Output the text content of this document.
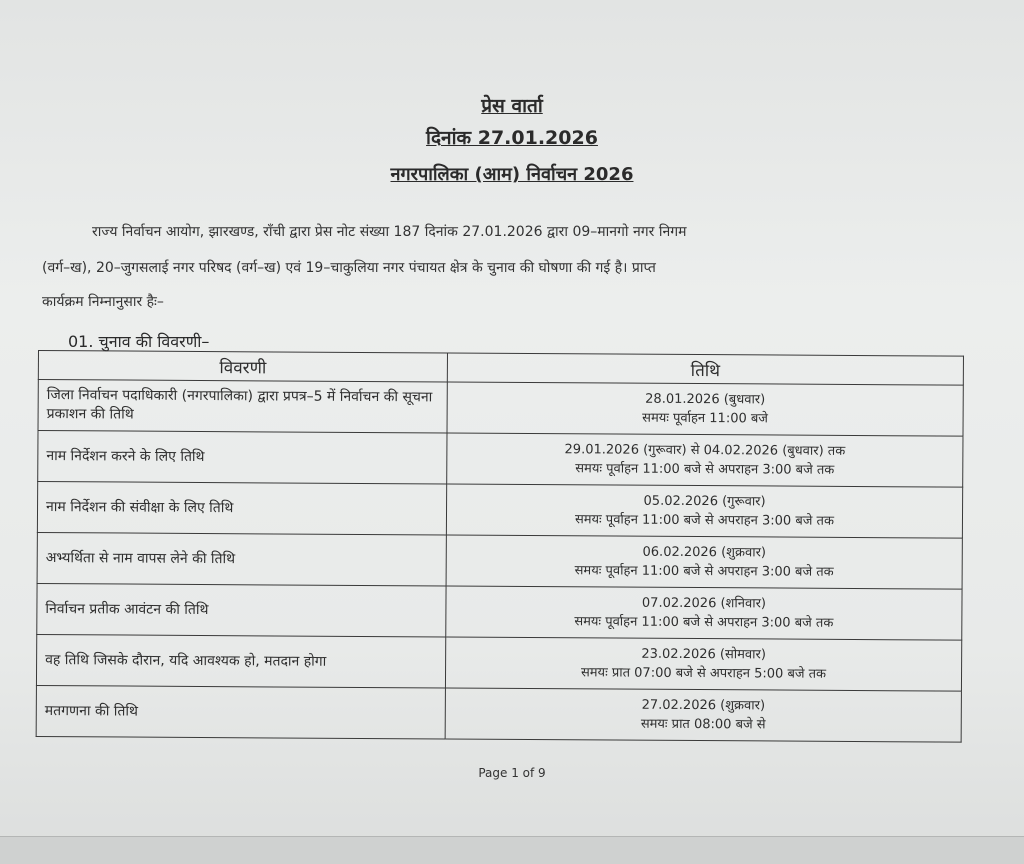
प्रेस वार्ता
दिनांक 27.01.2026
नगरपालिका (आम) निर्वाचन 2026
राज्य निर्वाचन आयोग, झारखण्ड, राँची द्वारा प्रेस नोट संख्या 187 दिनांक 27.01.2026 द्वारा 09–मानगो नगर निगम
(वर्ग–ख), 20–जुगसलाई नगर परिषद (वर्ग–ख) एवं 19–चाकुलिया नगर पंचायत क्षेत्र के चुनाव की घोषणा की गई है। प्राप्त
कार्यक्रम निम्नानुसार हैः–
01. चुनाव की विवरणी–
विवरणी	तिथि
जिला निर्वाचन पदाधिकारी (नगरपालिका) द्वारा प्रपत्र–5 में निर्वाचन की सूचना प्रकाशन की तिथि	28.01.2026 (बुधवार)
समयः पूर्वाहन 11:00 बजे

नाम निर्देशन करने के लिए तिथि	29.01.2026 (गुरूवार) से 04.02.2026 (बुधवार) तक
समयः पूर्वाहन 11:00 बजे से अपराहन 3:00 बजे तक

नाम निर्देशन की संवीक्षा के लिए तिथि	05.02.2026 (गुरूवार)
समयः पूर्वाहन 11:00 बजे से अपराहन 3:00 बजे तक

अभ्यर्थिता से नाम वापस लेने की तिथि	06.02.2026 (शुक्रवार)
समयः पूर्वाहन 11:00 बजे से अपराहन 3:00 बजे तक

निर्वाचन प्रतीक आवंटन की तिथि	07.02.2026 (शनिवार)
समयः पूर्वाहन 11:00 बजे से अपराहन 3:00 बजे तक

वह तिथि जिसके दौरान, यदि आवश्यक हो, मतदान होगा	23.02.2026 (सोमवार)
समयः प्रात 07:00 बजे से अपराहन 5:00 बजे तक

मतगणना की तिथि	27.02.2026 (शुक्रवार)
समयः प्रात 08:00 बजे से
Page 1 of 9
